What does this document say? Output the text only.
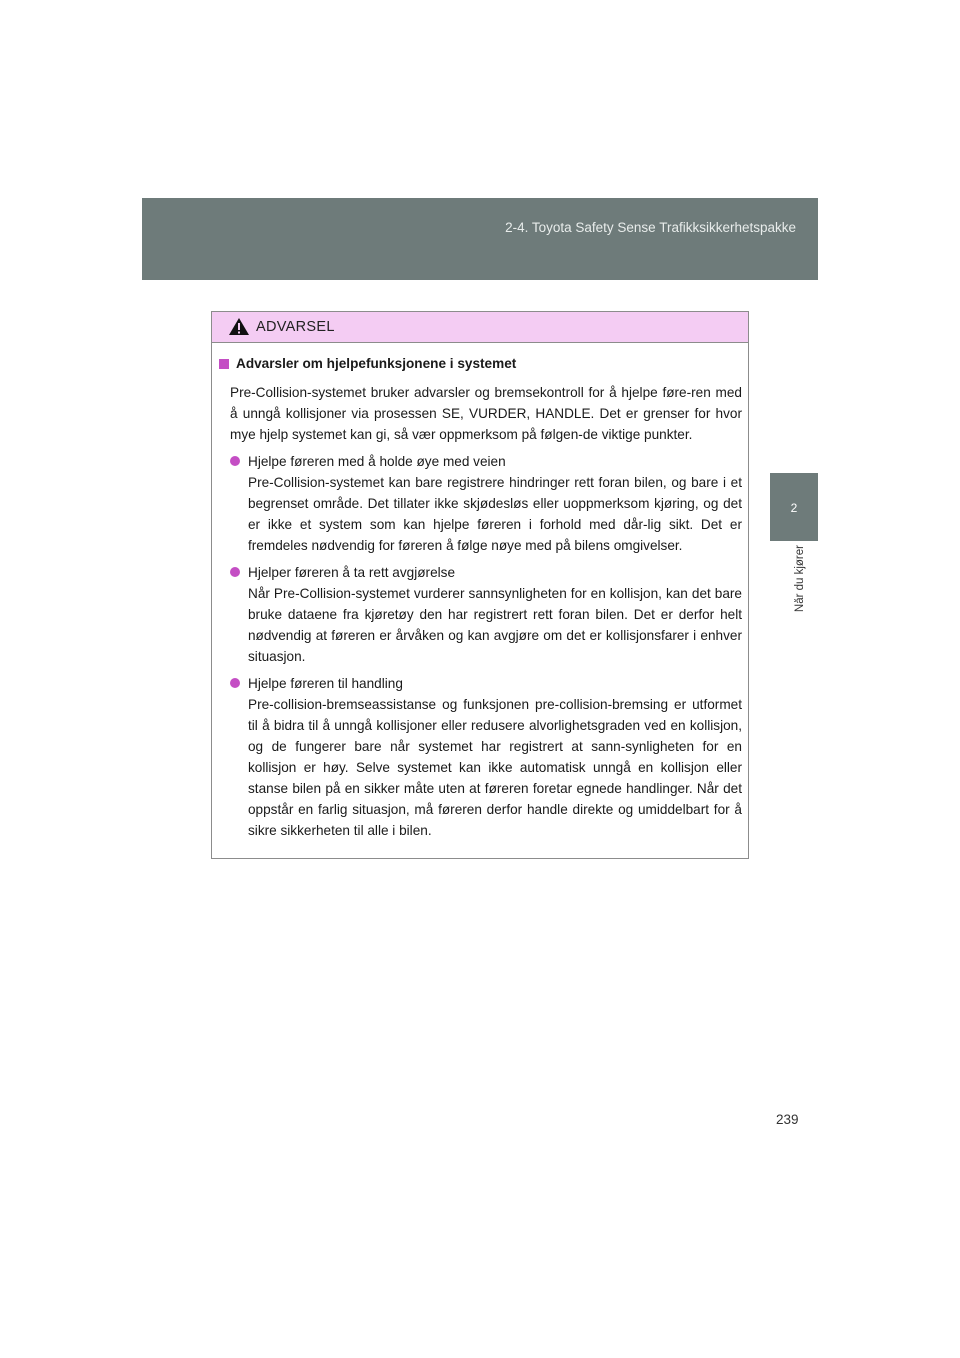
2-4. Toyota Safety Sense Trafikksikkerhetspakke
2
Når du kjører
ADVARSEL
Advarsler om hjelpefunksjonene i systemet

Pre-Collision-systemet bruker advarsler og bremsekontroll for å hjelpe føre-ren med å unngå kollisjoner via prosessen SE, VURDER, HANDLE. Det er grenser for hvor mye hjelp systemet kan gi, så vær oppmerksom på følgen-de viktige punkter.

Hjelpe føreren med å holde øye med veien
Pre-Collision-systemet kan bare registrere hindringer rett foran bilen, og bare i et begrenset område. Det tillater ikke skjødesløs eller uoppmerksom kjøring, og det er ikke et system som kan hjelpe føreren i forhold med dår-lig sikt. Det er fremdeles nødvendig for føreren å følge nøye med på bilens omgivelser.
Hjelper føreren å ta rett avgjørelse
Når Pre-Collision-systemet vurderer sannsynligheten for en kollisjon, kan det bare bruke dataene fra kjøretøy den har registrert rett foran bilen. Det er derfor helt nødvendig at føreren er årvåken og kan avgjøre om det er kollisjonsfarer i enhver situasjon.
Hjelpe føreren til handling
Pre-collision-bremseassistanse og funksjonen pre-collision-bremsing er utformet til å bidra til å unngå kollisjoner eller redusere alvorlighetsgraden ved en kollisjon, og de fungerer bare når systemet har registrert at sann-synligheten for en kollisjon er høy. Selve systemet kan ikke automatisk unngå en kollisjon eller stanse bilen på en sikker måte uten at føreren foretar egnede handlinger. Når det oppstår en farlig situasjon, må føreren derfor handle direkte og umiddelbart for å sikre sikkerheten til alle i bilen.
239
